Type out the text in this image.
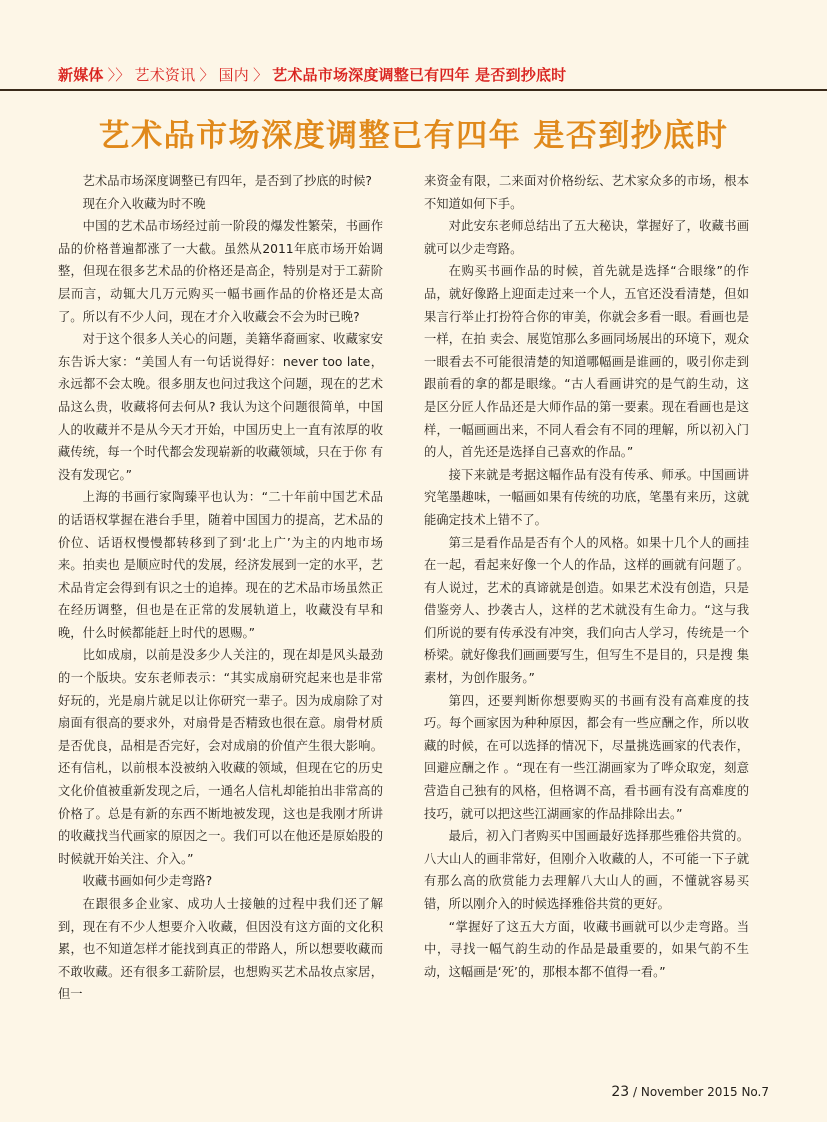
新媒体 〉〉 艺术资讯 〉 国内 〉 艺术品市场深度调整已有四年 是否到抄底时
艺术品市场深度调整已有四年 是否到抄底时

艺术品市场深度调整已有四年，是否到了抄底的时候?

现在介入收藏为时不晚

中国的艺术品市场经过前一阶段的爆发性繁荣，书画作品的价格普遍都涨了一大截。虽然从2011年底市场开始调整，但现在很多艺术品的价格还是高企，特别是对于工薪阶层而言，动辄大几万元购买一幅书画作品的价格还是太高了。所以有不少人问，现在才介入收藏会不会为时已晚?

对于这个很多人关心的问题，美籍华裔画家、收藏家安东告诉大家：“美国人有一句话说得好：never too late，永远都不会太晚。很多朋友也问过我这个问题，现在的艺术品这么贵，收藏将何去何从? 我认为这个问题很简单，中国人的收藏并不是从今天才开始，中国历史上一直有浓厚的收藏传统，每一个时代都会发现崭新的收藏领域，只在于你 有没有发现它。”

上海的书画行家陶臻平也认为：“二十年前中国艺术品的话语权掌握在港台手里，随着中国国力的提高，艺术品的价位、话语权慢慢都转移到了到‘北上广’为主的内地市场来。拍卖也 是顺应时代的发展，经济发展到一定的水平，艺术品肯定会得到有识之士的追捧。现在的艺术品市场虽然正在经历调整，但也是在正常的发展轨道上，收藏没有早和晚，什么时候都能赶上时代的恩赐。”

比如成扇，以前是没多少人关注的，现在却是风头最劲的一个版块。安东老师表示：“其实成扇研究起来也是非常好玩的，光是扇片就足以让你研究一辈子。因为成扇除了对扇面有很高的要求外，对扇骨是否精致也很在意。扇骨材质是否优良，品相是否完好，会对成扇的价值产生很大影响。还有信札，以前根本没被纳入收藏的领域，但现在它的历史文化价值被重新发现之后，一通名人信札却能拍出非常高的价格了。总是有新的东西不断地被发现，这也是我刚才所讲的收藏找当代画家的原因之一。我们可以在他还是原始股的时候就开始关注、介入。”

收藏书画如何少走弯路?

在跟很多企业家、成功人士接触的过程中我们还了解到，现在有不少人想要介入收藏，但因没有这方面的文化积累，也不知道怎样才能找到真正的带路人，所以想要收藏而不敢收藏。还有很多工薪阶层，也想购买艺术品妆点家居，但一

来资金有限，二来面对价格纷纭、艺术家众多的市场，根本不知道如何下手。

对此安东老师总结出了五大秘诀，掌握好了，收藏书画就可以少走弯路。

在购买书画作品的时候，首先就是选择“合眼缘”的作品，就好像路上迎面走过来一个人，五官还没看清楚，但如果言行举止打扮符合你的审美，你就会多看一眼。看画也是一样，在拍 卖会、展览馆那么多画同场展出的环境下，观众一眼看去不可能很清楚的知道哪幅画是谁画的，吸引你走到跟前看的拿的都是眼缘。“古人看画讲究的是气韵生动，这是区分匠人作品还是大师作品的第一要素。现在看画也是这样，一幅画画出来，不同人看会有不同的理解，所以初入门的人，首先还是选择自己喜欢的作品。”

接下来就是考据这幅作品有没有传承、师承。中国画讲究笔墨趣味，一幅画如果有传统的功底，笔墨有来历，这就能确定技术上错不了。

第三是看作品是否有个人的风格。如果十几个人的画挂在一起，看起来好像一个人的作品，这样的画就有问题了。有人说过，艺术的真谛就是创造。如果艺术没有创造，只是借鉴旁人、抄袭古人，这样的艺术就没有生命力。“这与我们所说的要有传承没有冲突，我们向古人学习，传统是一个桥梁。就好像我们画画要写生，但写生不是目的，只是搜 集素材，为创作服务。”

第四，还要判断你想要购买的书画有没有高难度的技巧。每个画家因为种种原因，都会有一些应酬之作，所以收藏的时候，在可以选择的情况下，尽量挑选画家的代表作，回避应酬之作 。“现在有一些江湖画家为了哗众取宠，刻意营造自己独有的风格，但格调不高，看书画有没有高难度的技巧，就可以把这些江湖画家的作品排除出去。”

最后，初入门者购买中国画最好选择那些雅俗共赏的。八大山人的画非常好，但刚介入收藏的人，不可能一下子就有那么高的欣赏能力去理解八大山人的画，不懂就容易买错，所以刚介入的时候选择雅俗共赏的更好。

“掌握好了这五大方面，收藏书画就可以少走弯路。当中，寻找一幅气韵生动的作品是最重要的，如果气韵不生动，这幅画是‘死’的，那根本都不值得一看。”

23 / November 2015 No.7
